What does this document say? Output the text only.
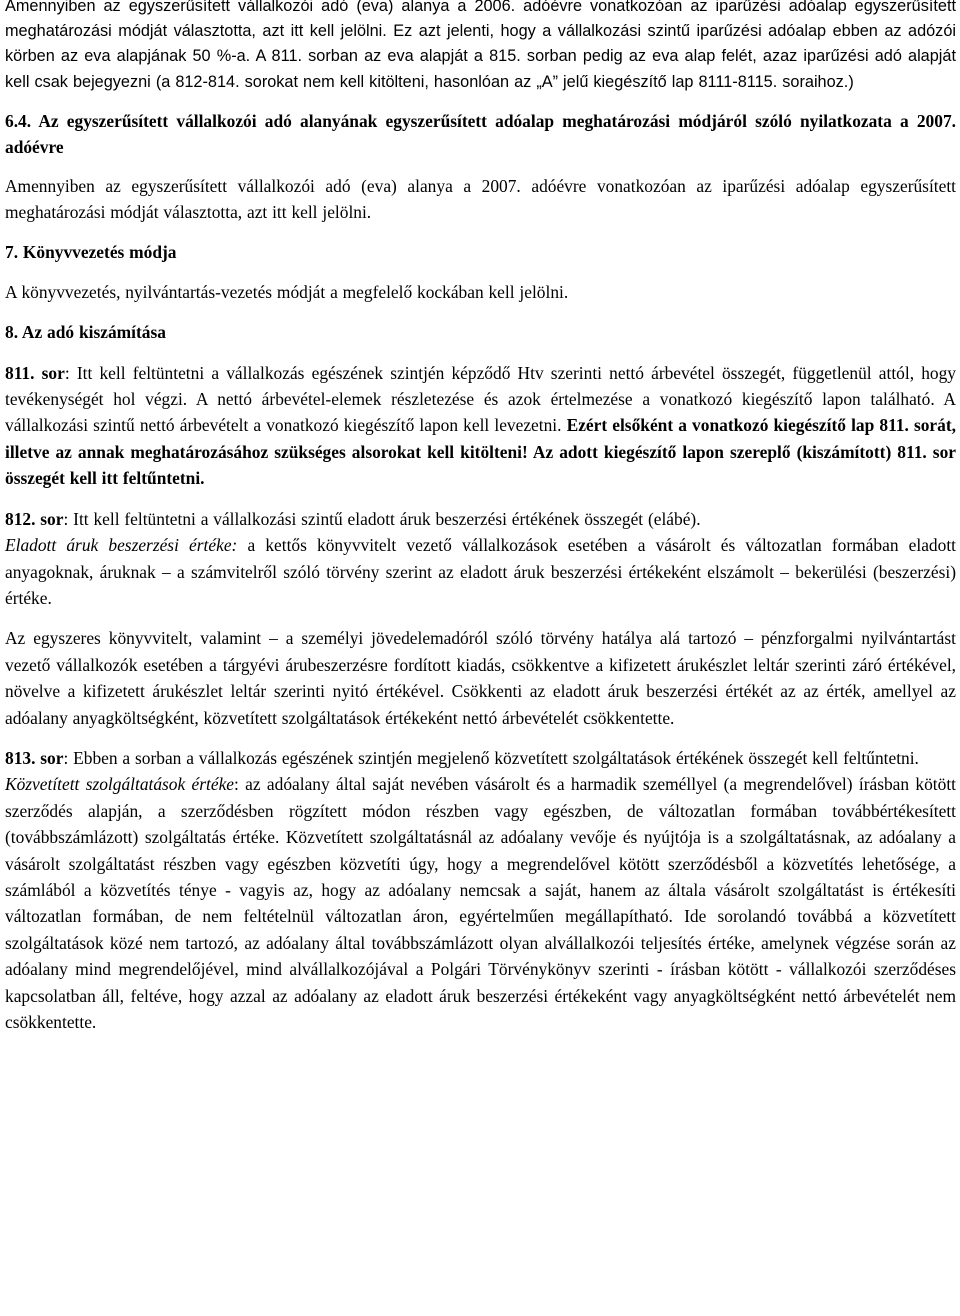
Amennyiben az egyszerűsített vállalkozói adó (eva) alanya a 2006. adóévre vonatkozóan az iparűzési adóalap egyszerűsített meghatározási módját választotta, azt itt kell jelölni. Ez azt jelenti, hogy a vállalkozási szintű iparűzési adóalap ebben az adózói körben az eva alapjának 50 %-a. A 811. sorban az eva alapját a 815. sorban pedig az eva alap felét, azaz iparűzési adó alapját kell csak bejegyezni (a 812-814. sorokat nem kell kitölteni, hasonlóan az „A” jelű kiegészítő lap 8111-8115. soraihoz.)

6.4. Az egyszerűsített vállalkozói adó alanyának egyszerűsített adóalap meghatározási módjáról szóló nyilatkozata a 2007. adóévre

Amennyiben az egyszerűsített vállalkozói adó (eva) alanya a 2007. adóévre vonatkozóan az iparűzési adóalap egyszerűsített meghatározási módját választotta, azt itt kell jelölni.

7. Könyvvezetés módja

A könyvvezetés, nyilvántartás-vezetés módját a megfelelő kockában kell jelölni.

8. Az adó kiszámítása

811. sor: Itt kell feltüntetni a vállalkozás egészének szintjén képződő Htv szerinti nettó árbevétel összegét, függetlenül attól, hogy tevékenységét hol végzi. A nettó árbevétel-elemek részletezése és azok értelmezése a vonatkozó kiegészítő lapon található. A vállalkozási szintű nettó árbevételt a vonatkozó kiegészítő lapon kell levezetni. Ezért elsőként a vonatkozó kiegészítő lap 811. sorát, illetve az annak meghatározásához szükséges alsorokat kell kitölteni! Az adott kiegészítő lapon szereplő (kiszámított) 811. sor összegét kell itt feltűntetni.

812. sor: Itt kell feltüntetni a vállalkozási szintű eladott áruk beszerzési értékének összegét (elábé).

Eladott áruk beszerzési értéke: a kettős könyvvitelt vezető vállalkozások esetében a vásárolt és változatlan formában eladott anyagoknak, áruknak – a számvitelről szóló törvény szerint az eladott áruk beszerzési értékeként elszámolt – bekerülési (beszerzési) értéke.

Az egyszeres könyvvitelt, valamint – a személyi jövedelemadóról szóló törvény hatálya alá tartozó – pénzforgalmi nyilvántartást vezető vállalkozók esetében a tárgyévi árubeszerzésre fordított kiadás, csökkentve a kifizetett árukészlet leltár szerinti záró értékével, növelve a kifizetett árukészlet leltár szerinti nyitó értékével. Csökkenti az eladott áruk beszerzési értékét az az érték, amellyel az adóalany anyagköltségként, közvetített szolgáltatások értékeként nettó árbevételét csökkentette.

813. sor: Ebben a sorban a vállalkozás egészének szintjén megjelenő közvetített szolgáltatások értékének összegét kell feltűntetni.

Közvetített szolgáltatások értéke: az adóalany által saját nevében vásárolt és a harmadik személlyel (a megrendelővel) írásban kötött szerződés alapján, a szerződésben rögzített módon részben vagy egészben, de változatlan formában továbbértékesített (továbbszámlázott) szolgáltatás értéke. Közvetített szolgáltatásnál az adóalany vevője és nyújtója is a szolgáltatásnak, az adóalany a vásárolt szolgáltatást részben vagy egészben közvetíti úgy, hogy a megrendelővel kötött szerződésből a közvetítés lehetősége, a számlából a közvetítés ténye - vagyis az, hogy az adóalany nemcsak a saját, hanem az általa vásárolt szolgáltatást is értékesíti változatlan formában, de nem feltételnül változatlan áron, egyértelműen megállapítható. Ide sorolandó továbbá a közvetített szolgáltatások közé nem tartozó, az adóalany által továbbszámlázott olyan alvállalkozói teljesítés értéke, amelynek végzése során az adóalany mind megrendelőjével, mind alvállalkozójával a Polgári Törvénykönyv szerinti - írásban kötött - vállalkozói szerződéses kapcsolatban áll, feltéve, hogy azzal az adóalany az eladott áruk beszerzési értékeként vagy anyagköltségként nettó árbevételét nem csökkentette.
